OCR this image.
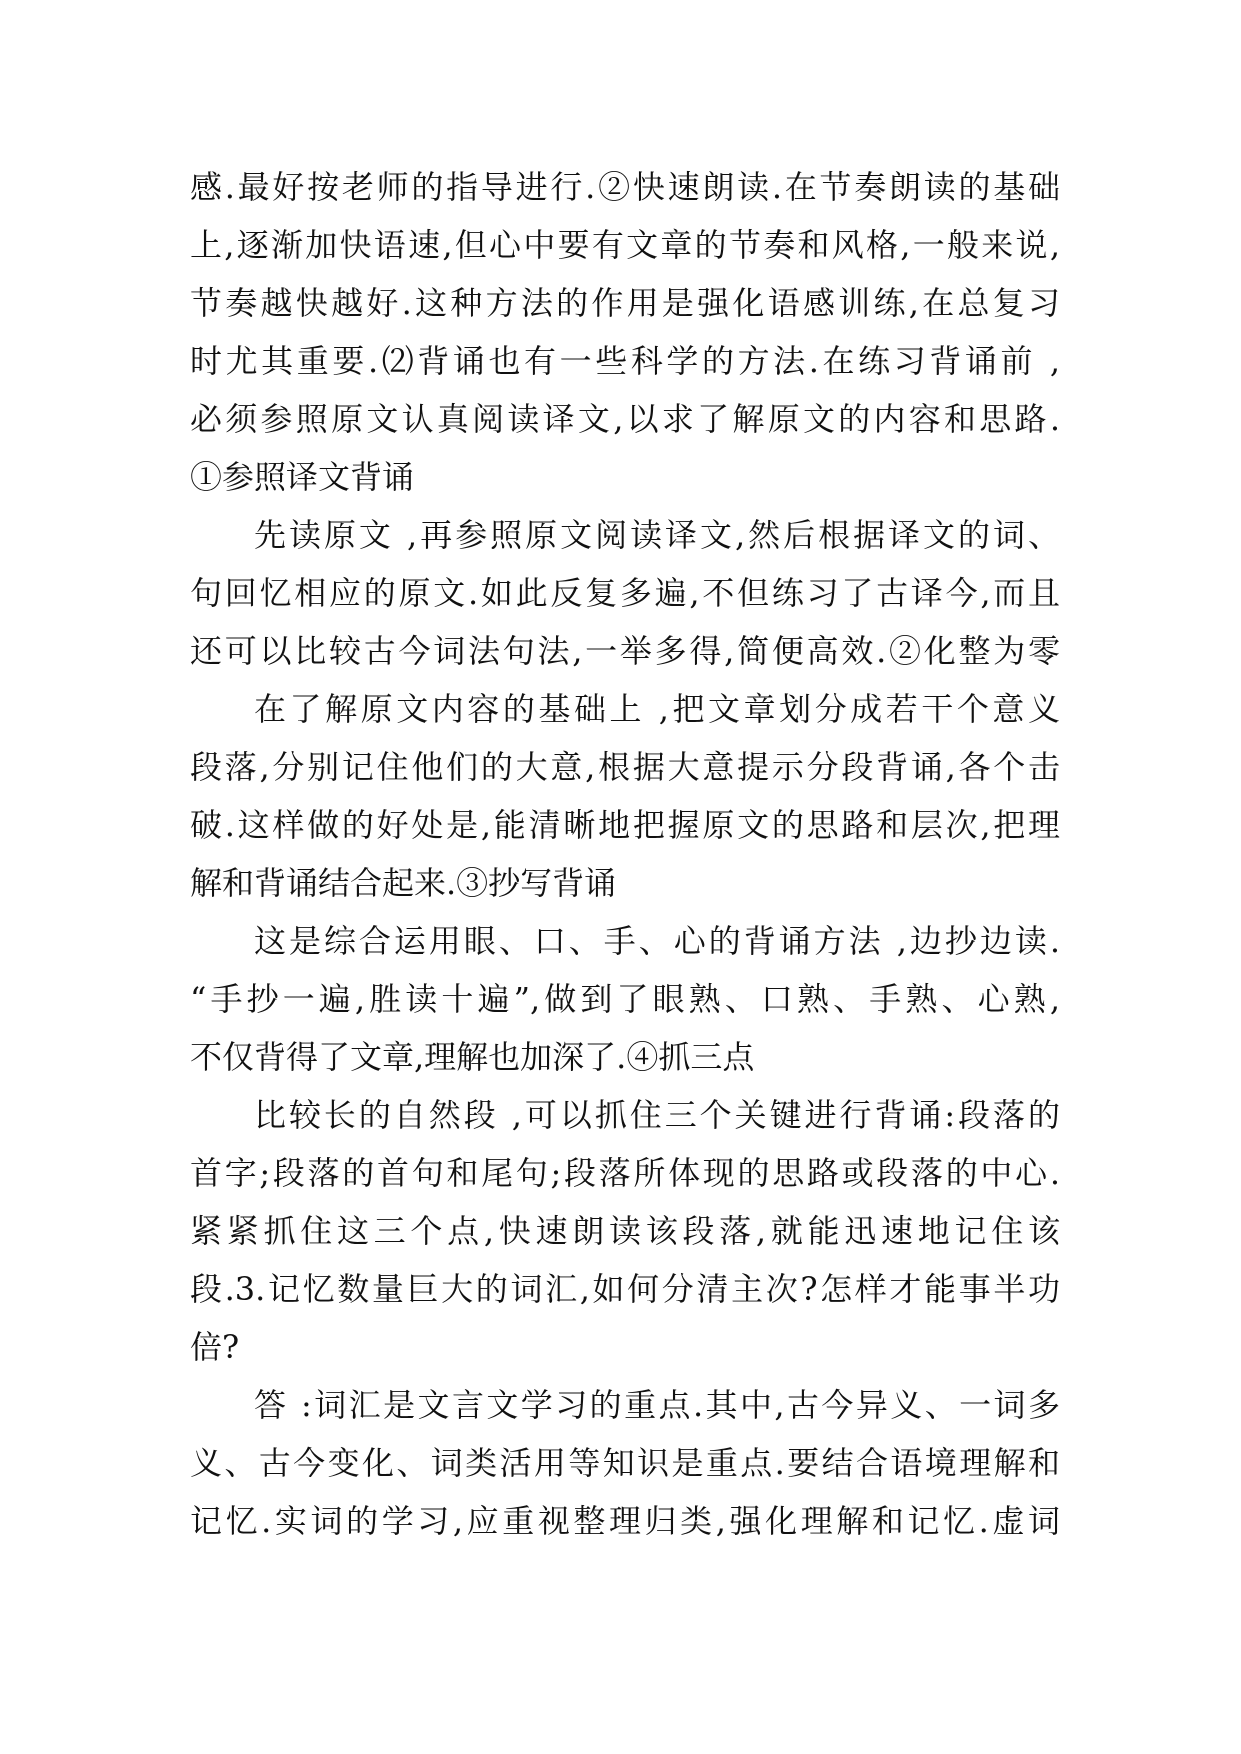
感.最好按老师的指导进行.②快速朗读.在节奏朗读的基础
上,逐渐加快语速,但心中要有文章的节奏和风格,一般来说,
节奏越快越好.这种方法的作用是强化语感训练,在总复习
时尤其重要.⑵背诵也有一些科学的方法.在练习背诵前 ,
必须参照原文认真阅读译文,以求了解原文的内容和思路.
①参照译文背诵
先读原文 ,再参照原文阅读译文,然后根据译文的词、
句回忆相应的原文.如此反复多遍,不但练习了古译今,而且
还可以比较古今词法句法,一举多得,简便高效.②化整为零
在了解原文内容的基础上 ,把文章划分成若干个意义
段落,分别记住他们的大意,根据大意提示分段背诵,各个击
破.这样做的好处是,能清晰地把握原文的思路和层次,把理
解和背诵结合起来.③抄写背诵
这是综合运用眼、口、手、心的背诵方法 ,边抄边读.
“手抄一遍,胜读十遍”,做到了眼熟、口熟、手熟、心熟,
不仅背得了文章,理解也加深了.④抓三点
比较长的自然段 ,可以抓住三个关键进行背诵:段落的
首字;段落的首句和尾句;段落所体现的思路或段落的中心.
紧紧抓住这三个点,快速朗读该段落,就能迅速地记住该
段.3.记忆数量巨大的词汇,如何分清主次?怎样才能事半功
倍?
答 :词汇是文言文学习的重点.其中,古今异义、一词多
义、古今变化、词类活用等知识是重点.要结合语境理解和
记忆.实词的学习,应重视整理归类,强化理解和记忆.虚词
